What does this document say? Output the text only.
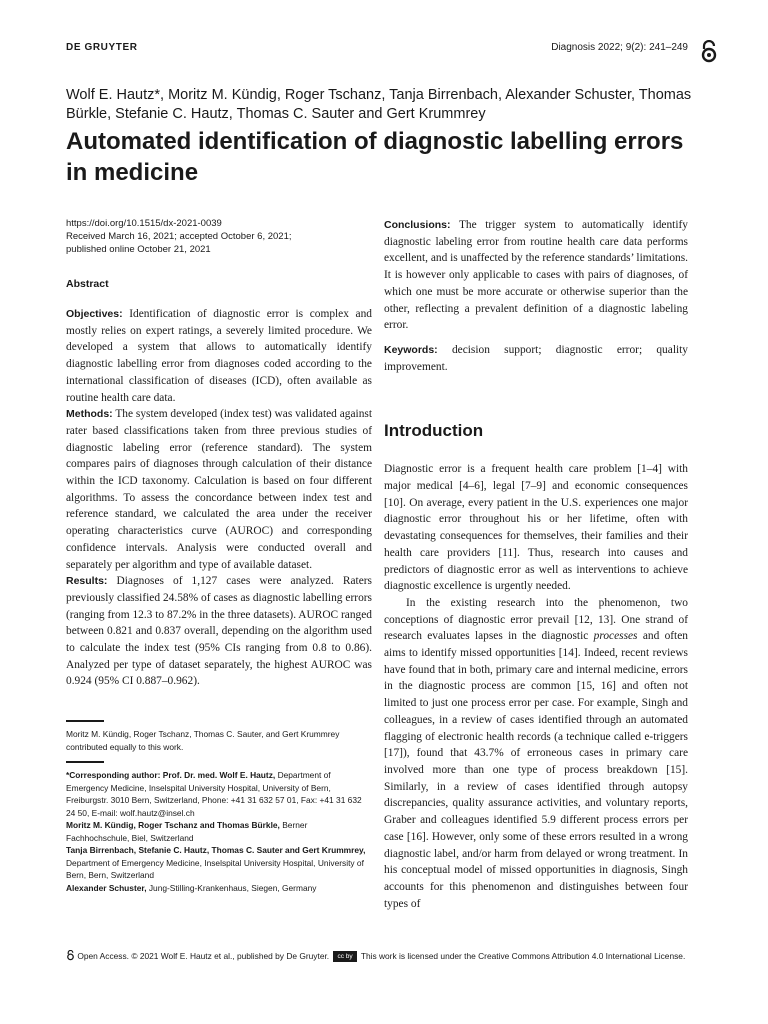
DE GRUYTER	Diagnosis 2022; 9(2): 241–249
Wolf E. Hautz*, Moritz M. Kündig, Roger Tschanz, Tanja Birrenbach, Alexander Schuster, Thomas Bürkle, Stefanie C. Hautz, Thomas C. Sauter and Gert Krummrey
Automated identification of diagnostic labelling errors in medicine
https://doi.org/10.1515/dx-2021-0039
Received March 16, 2021; accepted October 6, 2021;
published online October 21, 2021
Abstract

Objectives: Identification of diagnostic error is complex and mostly relies on expert ratings, a severely limited procedure. We developed a system that allows to automatically identify diagnostic labelling error from diagnoses coded according to the international classification of diseases (ICD), often available as routine health care data.

Methods: The system developed (index test) was validated against rater based classifications taken from three previous studies of diagnostic labeling error (reference standard). The system compares pairs of diagnoses through calculation of their distance within the ICD taxonomy. Calculation is based on four different algorithms. To assess the concordance between index test and reference standard, we calculated the area under the receiver operating characteristics curve (AUROC) and corresponding confidence intervals. Analysis were conducted overall and separately per algorithm and type of available dataset.

Results: Diagnoses of 1,127 cases were analyzed. Raters previously classified 24.58% of cases as diagnostic labelling errors (ranging from 12.3 to 87.2% in the three datasets). AUROC ranged between 0.821 and 0.837 overall, depending on the algorithm used to calculate the index test (95% CIs ranging from 0.8 to 0.86). Analyzed per type of dataset separately, the highest AUROC was 0.924 (95% CI 0.887–0.962).

Moritz M. Kündig, Roger Tschanz, Thomas C. Sauter, and Gert Krummrey contributed equally to this work.

*Corresponding author: Prof. Dr. med. Wolf E. Hautz, Department of Emergency Medicine, Inselspital University Hospital, University of Bern, Freiburgstr. 3010 Bern, Switzerland, Phone: +41 31 632 57 01, Fax: +41 31 632 24 50, E-mail: wolf.hautz@insel.ch

Moritz M. Kündig, Roger Tschanz and Thomas Bürkle, Berner Fachhochschule, Biel, Switzerland

Tanja Birrenbach, Stefanie C. Hautz, Thomas C. Sauter and Gert Krummrey, Department of Emergency Medicine, Inselspital University Hospital, University of Bern, Bern, Switzerland

Alexander Schuster, Jung-Stilling-Krankenhaus, Siegen, Germany

Conclusions: The trigger system to automatically identify diagnostic labeling error from routine health care data performs excellent, and is unaffected by the reference standards’ limitations. It is however only applicable to cases with pairs of diagnoses, of which one must be more accurate or otherwise superior than the other, reflecting a prevalent definition of a diagnostic labeling error.

Keywords: decision support; diagnostic error; quality improvement.

Introduction

Diagnostic error is a frequent health care problem [1–4] with major medical [4–6], legal [7–9] and economic consequences [10]. On average, every patient in the U.S. experiences one major diagnostic error throughout his or her lifetime, often with devastating consequences for themselves, their families and their health care providers [11]. Thus, research into causes and predictors of diagnostic error as well as interventions to achieve diagnostic excellence is urgently needed.

In the existing research into the phenomenon, two conceptions of diagnostic error prevail [12, 13]. One strand of research evaluates lapses in the diagnostic processes and often aims to identify missed opportunities [14]. Indeed, recent reviews have found that in both, primary care and internal medicine, errors in the diagnostic process are common [15, 16] and often not limited to just one process error per case. For example, Singh and colleagues, in a review of cases identified through an automated flagging of electronic health records (a technique called e-triggers [17]), found that 43.7% of erroneous cases in primary care involved more than one type of process breakdown [15]. Similarly, in a review of cases identified through autopsy discrepancies, quality assurance activities, and voluntary reports, Graber and colleagues identified 5.9 different process errors per case [16]. However, only some of these errors resulted in a wrong diagnostic label, and/or harm from delayed or wrong treatment. In his conceptual model of missed opportunities in diagnosis, Singh accounts for this phenomenon and distinguishes between four types of

Open Access. © 2021 Wolf E. Hautz et al., published by De Gruyter. cc by This work is licensed under the Creative Commons Attribution 4.0 International License.
